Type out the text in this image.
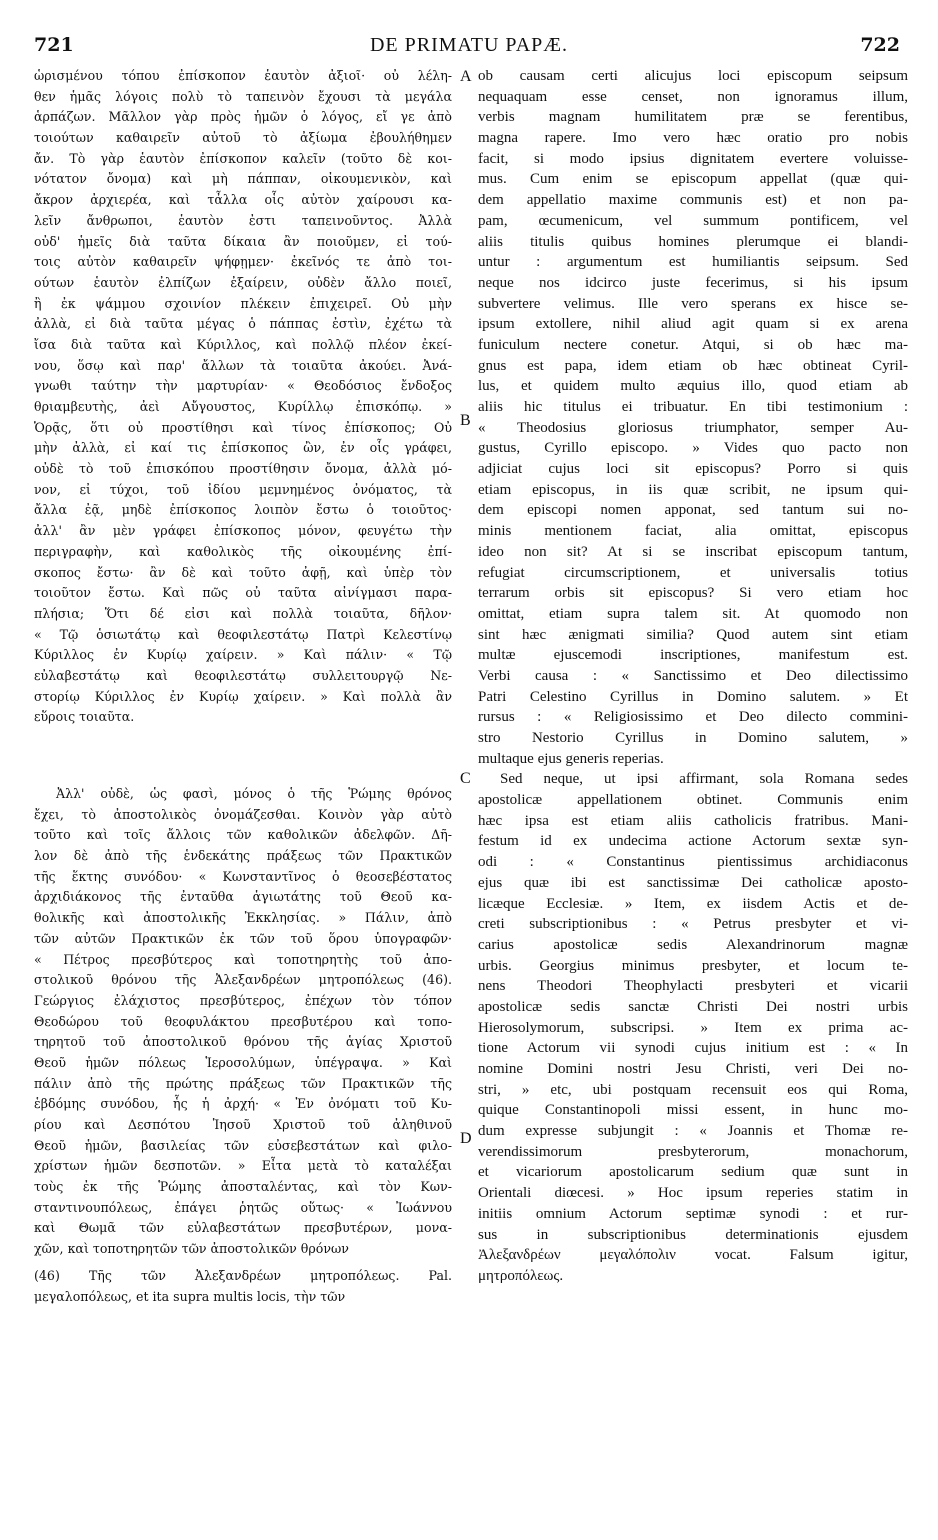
721	DE PRIMATU PAPÆ.	722
A
B
C
D
ὡρισμένου τόπου ἐπίσκοπον ἑαυτὸν ἀξιοῖ· οὐ λέλη-
θεν ἡμᾶς λόγοις πολὺ τὸ ταπεινὸν ἔχουσι τὰ μεγάλα
ἁρπάζων. Μᾶλλον γὰρ πρὸς ἡμῶν ὁ λόγος, εἴ γε ἀπὸ
τοιούτων καθαιρεῖν αὐτοῦ τὸ ἀξίωμα ἐβουλήθημεν
ἄν. Τὸ γὰρ ἑαυτὸν ἐπίσκοπον καλεῖν (τοῦτο δὲ κοι-
νότατον ὄνομα) καὶ μὴ πάππαν, οἰκουμενικὸν, καὶ
ἄκρον ἀρχιερέα, καὶ τἆλλα οἷς αὐτὸν χαίρουσι κα-
λεῖν ἄνθρωποι, ἑαυτὸν ἐστι ταπεινοῦντος. Ἀλλὰ
οὐδ' ἡμεῖς διὰ ταῦτα δίκαια ἂν ποιοῦμεν, εἰ τού-
τοις αὐτὸν καθαιρεῖν ψήφῃμεν· ἐκεῖνός τε ἀπὸ τοι-
ούτων ἑαυτὸν ἐλπίζων ἐξαίρειν, οὐδὲν ἄλλο ποιεῖ,
ἢ ἐκ ψάμμου σχοινίον πλέκειν ἐπιχειρεῖ. Οὐ μὴν
ἀλλὰ, εἰ διὰ ταῦτα μέγας ὁ πάππας ἐστὶν, ἐχέτω τὰ
ἴσα διὰ ταῦτα καὶ Κύριλλος, καὶ πολλῷ πλέον ἐκεί-
νου, ὅσῳ καὶ παρ' ἄλλων τὰ τοιαῦτα ἀκούει. Ἀνά-
γνωθι ταύτην τὴν μαρτυρίαν· « Θεοδόσιος ἔνδοξος
θριαμβευτὴς, ἀεὶ Αὔγουστος, Κυρίλλῳ ἐπισκόπῳ. »
Ὁρᾷς, ὅτι οὐ προστίθησι καὶ τίνος ἐπίσκοπος; Οὐ
μὴν ἀλλὰ, εἰ καί τις ἐπίσκοπος ὢν, ἐν οἷς γράφει,
οὐδὲ τὸ τοῦ ἐπισκόπου προστίθησιν ὄνομα, ἀλλὰ μό-
νον, εἰ τύχοι, τοῦ ἰδίου μεμνημένος ὀνόματος, τὰ
ἄλλα ἐᾷ, μηδὲ ἐπίσκοπος λοιπὸν ἔστω ὁ τοιοῦτος·
ἀλλ' ἂν μὲν γράφει ἐπίσκοπος μόνον, φευγέτω τὴν
περιγραφὴν, καὶ καθολικὸς τῆς οἰκουμένης ἐπί-
σκοπος ἔστω· ἂν δὲ καὶ τοῦτο ἀφῇ, καὶ ὑπὲρ τὸν
τοιοῦτον ἔστω. Καὶ πῶς οὐ ταῦτα αἰνίγμασι παρα-
πλήσια; Ὅτι δέ εἰσι καὶ πολλὰ τοιαῦτα, δῆλον·
« Τῷ ὁσιωτάτῳ καὶ θεοφιλεστάτῳ Πατρὶ Κελεστίνῳ
Κύριλλος ἐν Κυρίῳ χαίρειν. » Καὶ πάλιν· « Τῷ
εὐλαβεστάτῳ καὶ θεοφιλεστάτῳ συλλειτουργῷ Νε-
στορίῳ Κύριλλος ἐν Κυρίῳ χαίρειν. » Καὶ πολλὰ ἂν
εὕροις τοιαῦτα.
Ἀλλ' οὐδὲ, ὡς φασὶ, μόνος ὁ τῆς Ῥώμης θρόνος
ἔχει, τὸ ἀποστολικὸς ὀνομάζεσθαι. Κοινὸν γὰρ αὐτὸ
τοῦτο καὶ τοῖς ἄλλοις τῶν καθολικῶν ἀδελφῶν. Δῆ-
λον δὲ ἀπὸ τῆς ἑνδεκάτης πράξεως τῶν Πρακτικῶν
τῆς ἕκτης συνόδου· « Κωνσταντῖνος ὁ θεοσεβέστατος
ἀρχιδιάκονος τῆς ἐνταῦθα ἁγιωτάτης τοῦ Θεοῦ κα-
θολικῆς καὶ ἀποστολικῆς Ἐκκλησίας. » Πάλιν, ἀπὸ
τῶν αὐτῶν Πρακτικῶν ἐκ τῶν τοῦ ὅρου ὑπογραφῶν·
« Πέτρος πρεσβύτερος καὶ τοποτηρητὴς τοῦ ἀπο-
στολικοῦ θρόνου τῆς Ἀλεξανδρέων μητροπόλεως (46).
Γεώργιος ἐλάχιστος πρεσβύτερος, ἐπέχων τὸν τόπον
Θεοδώρου τοῦ θεοφυλάκτου πρεσβυτέρου καὶ τοπο-
τηρητοῦ τοῦ ἀποστολικοῦ θρόνου τῆς ἁγίας Χριστοῦ
Θεοῦ ἡμῶν πόλεως Ἱεροσολύμων, ὑπέγραψα. » Καὶ
πάλιν ἀπὸ τῆς πρώτης πράξεως τῶν Πρακτικῶν τῆς
ἑβδόμης συνόδου, ἧς ἡ ἀρχή· « Ἐν ὀνόματι τοῦ Κυ-
ρίου καὶ Δεσπότου Ἰησοῦ Χριστοῦ τοῦ ἀληθινοῦ
Θεοῦ ἡμῶν, βασιλείας τῶν εὐσεβεστάτων καὶ φιλο-
χρίστων ἡμῶν δεσποτῶν. » Εἶτα μετὰ τὸ καταλέξαι
τοὺς ἐκ τῆς Ῥώμης ἀποσταλέντας, καὶ τὸν Κων-
σταντινουπόλεως, ἐπάγει ῥητῶς οὕτως· « Ἰωάννου
καὶ Θωμᾶ τῶν εὐλαβεστάτων πρεσβυτέρων, μονα-
χῶν, καὶ τοποτηρητῶν τῶν ἀποστολικῶν θρόνων
(46) Τῆς τῶν Ἀλεξανδρέων μητροπόλεως. Pal.
μεγαλοπόλεως, et ita supra multis locis, τὴν τῶν
ob causam certi alicujus loci episcopum seipsum
nequaquam esse censet, non ignoramus illum,
verbis magnam humilitatem præ se ferentibus,
magna rapere. Imo vero hæc oratio pro nobis
facit, si modo ipsius dignitatem evertere voluisse-
mus. Cum enim se episcopum appellat (quæ qui-
dem appellatio maxime communis est) et non pa-
pam, œcumenicum, vel summum pontificem, vel
aliis titulis quibus homines plerumque ei blandi-
untur : argumentum est humiliantis seipsum. Sed
neque nos idcirco juste fecerimus, si his ipsum
subvertere velimus. Ille vero sperans ex hisce se-
ipsum extollere, nihil aliud agit quam si ex arena
funiculum nectere conetur. Atqui, si ob hæc ma-
gnus est papa, idem etiam ob hæc obtineat Cyril-
lus, et quidem multo æquius illo, quod etiam ab
aliis hic titulus ei tribuatur. En tibi testimonium :
« Theodosius gloriosus triumphator, semper Au-
gustus, Cyrillo episcopo. » Vides quo pacto non
adjiciat cujus loci sit episcopus? Porro si quis
etiam episcopus, in iis quæ scribit, ne ipsum qui-
dem episcopi nomen apponat, sed tantum sui no-
minis mentionem faciat, alia omittat, episcopus
ideo non sit? At si se inscribat episcopum tantum,
refugiat circumscriptionem, et universalis totius
terrarum orbis sit episcopus? Si vero etiam hoc
omittat, etiam supra talem sit. At quomodo non
sint hæc ænigmati similia? Quod autem sint etiam
multæ ejuscemodi inscriptiones, manifestum est.
Verbi causa : « Sanctissimo et Deo dilectissimo
Patri Celestino Cyrillus in Domino salutem. » Et
rursus : « Religiosissimo et Deo dilecto commini-
stro Nestorio Cyrillus in Domino salutem, »
multaque ejus generis reperias.
Sed neque, ut ipsi affirmant, sola Romana sedes
apostolicæ appellationem obtinet. Communis enim
hæc ipsa est etiam aliis catholicis fratribus. Mani-
festum id ex undecima actione Actorum sextæ syn-
odi : « Constantinus pientissimus archidiaconus
ejus quæ ibi est sanctissimæ Dei catholicæ aposto-
licæque Ecclesiæ. » Item, ex iisdem Actis et de-
creti subscriptionibus : « Petrus presbyter et vi-
carius apostolicæ sedis Alexandrinorum magnæ
urbis. Georgius minimus presbyter, et locum te-
nens Theodori Theophylacti presbyteri et vicarii
apostolicæ sedis sanctæ Christi Dei nostri urbis
Hierosolymorum, subscripsi. » Item ex prima ac-
tione Actorum vii synodi cujus initium est : « In
nomine Domini nostri Jesu Christi, veri Dei no-
stri, » etc, ubi postquam recensuit eos qui Roma,
quique Constantinopoli missi essent, in hunc mo-
dum expresse subjungit : « Joannis et Thomæ re-
verendissimorum presbyterorum, monachorum,
et vicariorum apostolicarum sedium quæ sunt in
Orientali diœcesi. » Hoc ipsum reperies statim in
initiis omnium Actorum septimæ synodi : et rur-
sus in subscriptionibus determinationis ejusdem
Ἀλεξανδρέων μεγαλόπολιν vocat. Falsum igitur,
μητροπόλεως.
